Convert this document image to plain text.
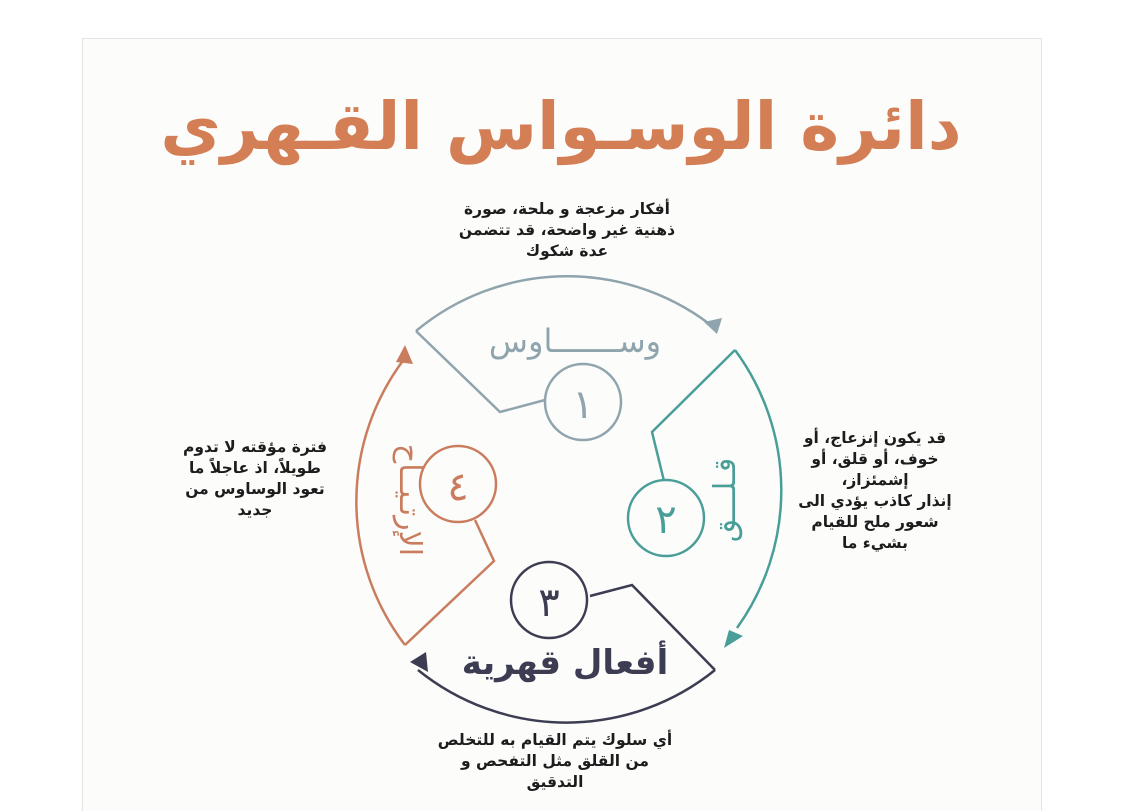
دائرة الوسـواس القـهري
أفكار مزعجة و ملحة، صورة
ذهنية غير واضحة، قد تتضمن
عدة شكوك
قد يكون إنزعاج، أو
خوف، أو قلق، أو
إشمئزاز،
إنذار كاذب يؤدي الى
شعور ملح للقيام
بشيء ما
فترة مؤقته لا تدوم
طويلاً، اذ عاجلاً ما
تعود الوساوس من
جديد
أي سلوك يتم القيام به للتخلص
من القلق مثل التفحص و
التدقيق
١
وســـــــاوس
٢ قـلـــق
٣
أفعال قهرية
٤
الإرتـيــاح
